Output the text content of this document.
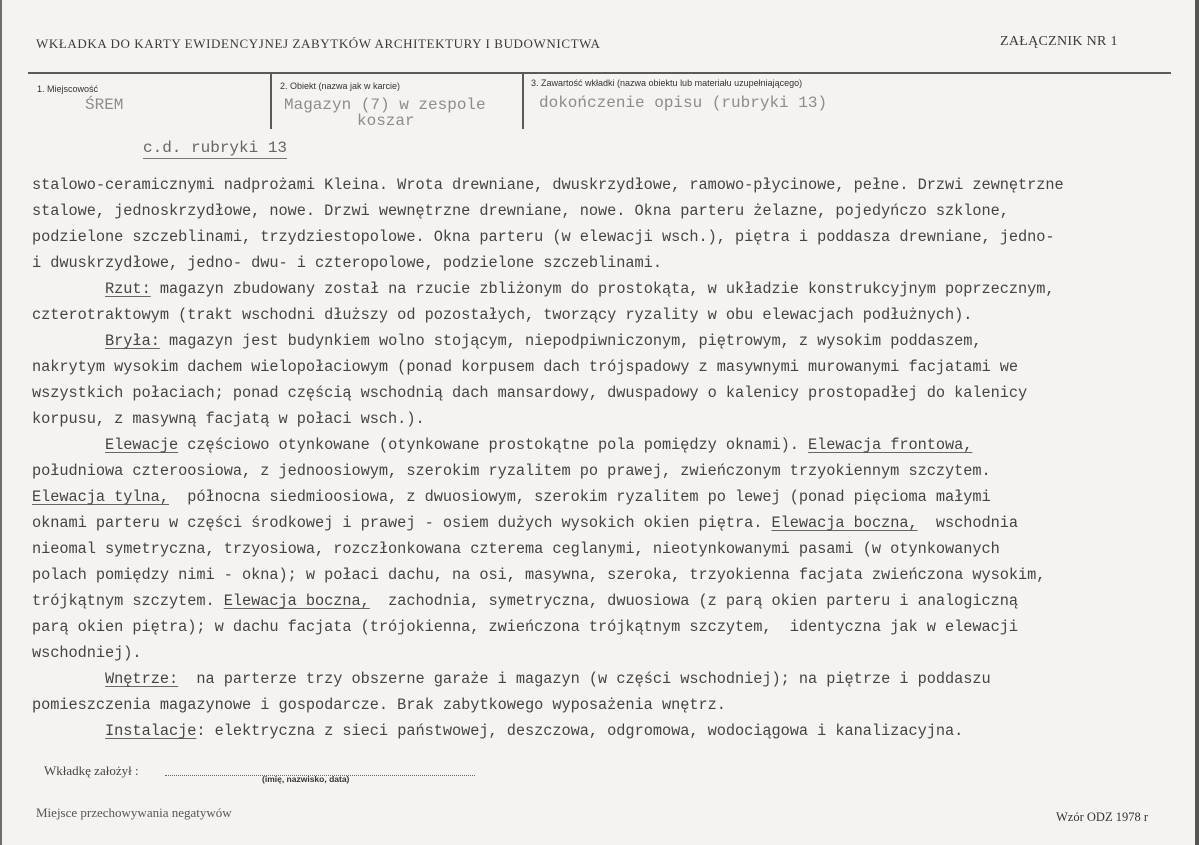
WKŁADKA DO KARTY EWIDENCYJNEJ ZABYTKÓW ARCHITEKTURY I BUDOWNICTWA	ZAŁĄCZNIK NR 1
1. Miejscowość
ŚREM
2. Obiekt (nazwa jak w karcie)
Magazyn (7) w zespole
koszar
3. Zawartość wkładki (nazwa obiektu lub materiału uzupełniającego)
dokończenie opisu (rubryki 13)
c.d. rubryki 13
stalowo-ceramicznymi nadprożami Kleina. Wrota drewniane, dwuskrzydłowe, ramowo-płycinowe, pełne. Drzwi zewnętrzne
stalowe, jednoskrzydłowe, nowe. Drzwi wewnętrzne drewniane, nowe. Okna parteru żelazne, pojedyńczo szklone,
podzielone szczeblinami, trzydziestopolowe. Okna parteru (w elewacji wsch.), piętra i poddasza drewniane, jedno-
i dwuskrzydłowe, jedno- dwu- i czteropolowe, podzielone szczeblinami.
Rzut: magazyn zbudowany został na rzucie zbliżonym do prostokąta, w układzie konstrukcyjnym poprzecznym,
czterotraktowym (trakt wschodni dłuższy od pozostałych, tworzący ryzality w obu elewacjach podłużnych).
Bryła: magazyn jest budynkiem wolno stojącym, niepodpiwniczonym, piętrowym, z wysokim poddaszem,
nakrytym wysokim dachem wielopołaciowym (ponad korpusem dach trójspadowy z masywnymi murowanymi facjatami we
wszystkich połaciach; ponad częścią wschodnią dach mansardowy, dwuspadowy o kalenicy prostopadłej do kalenicy
korpusu, z masywną facjatą w połaci wsch.).
Elewacje częściowo otynkowane (otynkowane prostokątne pola pomiędzy oknami). Elewacja frontowa,
południowa czteroosiowa, z jednoosiowym, szerokim ryzalitem po prawej, zwieńczonym trzyokiennym szczytem.
Elewacja tylna,  północna siedmioosiowa, z dwuosiowym, szerokim ryzalitem po lewej (ponad pięcioma małymi
oknami parteru w części środkowej i prawej - osiem dużych wysokich okien piętra. Elewacja boczna,  wschodnia
nieomal symetryczna, trzyosiowa, rozczłonkowana czterema ceglanymi, nieotynkowanymi pasami (w otynkowanych
polach pomiędzy nimi - okna); w połaci dachu, na osi, masywna, szeroka, trzyokienna facjata zwieńczona wysokim,
trójkątnym szczytem. Elewacja boczna,  zachodnia, symetryczna, dwuosiowa (z parą okien parteru i analogiczną
parą okien piętra); w dachu facjata (trójokienna, zwieńczona trójkątnym szczytem,  identyczna jak w elewacji
wschodniej).
Wnętrze:  na parterze trzy obszerne garaże i magazyn (w części wschodniej); na piętrze i poddaszu
pomieszczenia magazynowe i gospodarcze. Brak zabytkowego wyposażenia wnętrz.
Instalacje: elektryczna z sieci państwowej, deszczowa, odgromowa, wodociągowa i kanalizacyjna.
Wkładkę założył :
(imię, nazwisko, data)
Miejsce przechowywania negatywów	Wzór ODZ 1978 r
